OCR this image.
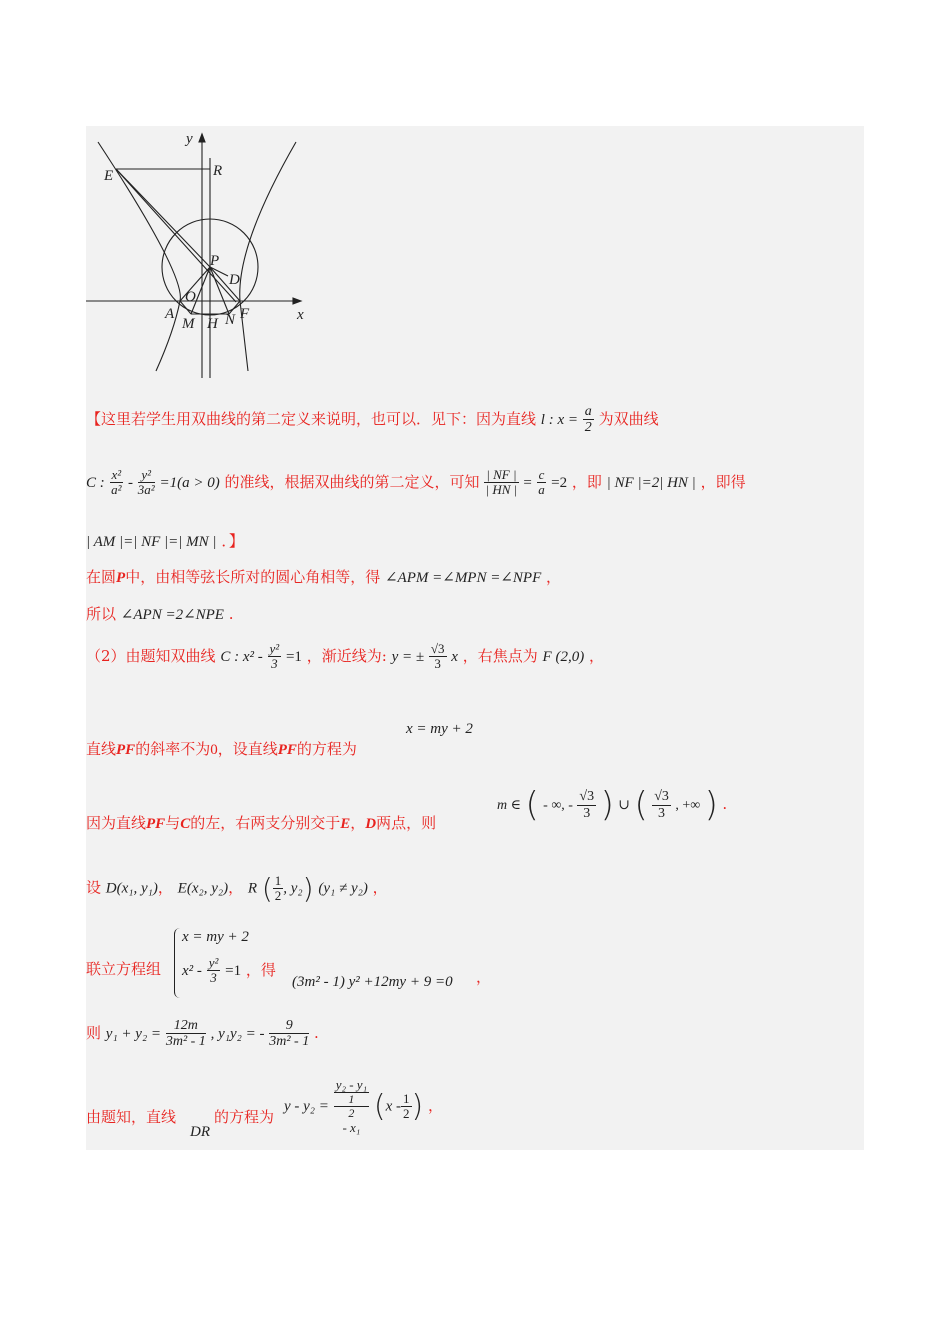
y
R
E
P
D
O
A
M H N F	x
【这里若学生用双曲线的第二定义来说明，也可以．见下：因为直线 l : $x = \frac{a}{2}$ 为双曲线
C : $\frac{\text{x²}}{\text{a²}} - \frac{\text{y²}}{\text{3a²}} =1(a > 0)$ 的准线，根据双曲线的第二定义，可知 $\frac{| NF |}{| HN |} = \frac{c}{a} =2$ ，即 | NF |=2| HN | ，即得
| AM |=| NF |=| MN | ．】
在圆P中，由相等弦长所对的圆心角相等，得 ∠APM =∠MPN =∠NPF ，
所以 ∠APN =2∠NPE .
（2）由题知双曲线 C : $x^2 - \frac{\text{y²}}{3} =1$ ，渐近线为: y = ± $\frac{√3}{3}$ x ，右焦点为 F (2,0) ，
x = my + 2
直线PF的斜率不为0，设直线PF的方程为
因为直线PF与C的左，右两支分别交于E，D两点，则
m ∈ ( - ∞, - $\frac{√3}{3}$ ) ∪ ( $\frac{√3}{3}$ , +∞ ) .
设 D(x₁, y₁)， E(x₂, y₂)， R ( $\frac{1}{2}$ , y₂) (y₁ ≠ y₂) ，
联立方程组
x = my + 2
$x^2 - \frac{\text{y²}}{3} =1$ ，得
(3m² - 1) y² +12my + 9 =0 ，
则 $y_1 + y_2 = \frac{12m}{\text{3m² - 1}}$ , y₁y₂ = - $\frac{9}{\text{3m² - 1}}$ .
由题知，直线
DR
的方程为
y - y₂ = y₂ - y₁
1
2
- x₁ ($x - \frac{1}{2}$ ) ，
